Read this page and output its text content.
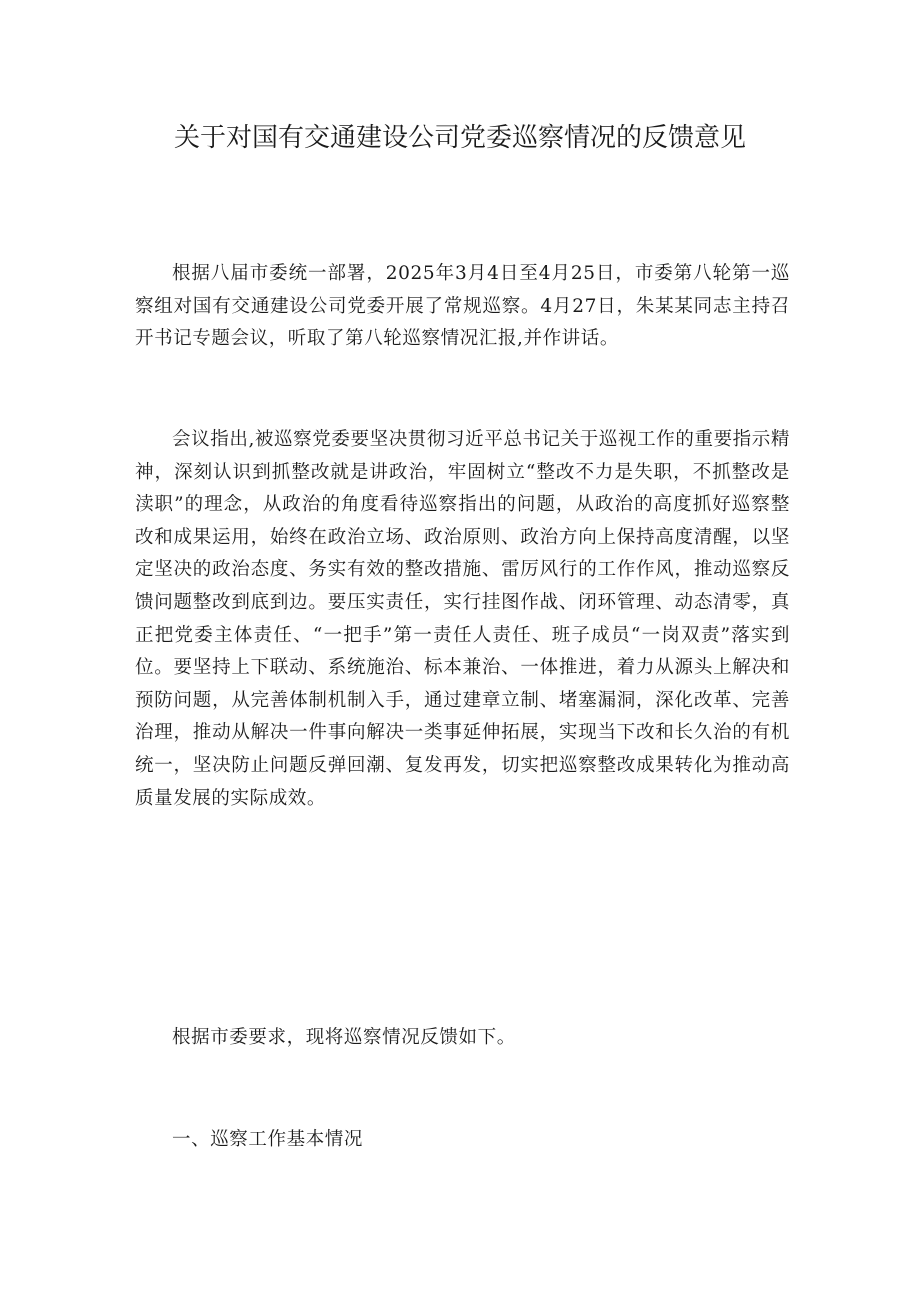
关于对国有交通建设公司党委巡察情况的反馈意见

根据八届市委统一部署，2025年3月4日至4月25日，市委第八轮第一巡察组对国有交通建设公司党委开展了常规巡察。4月27日，朱某某同志主持召开书记专题会议，听取了第八轮巡察情况汇报,并作讲话。

会议指出,被巡察党委要坚决贯彻习近平总书记关于巡视工作的重要指示精神，深刻认识到抓整改就是讲政治，牢固树立“整改不力是失职，不抓整改是渎职”的理念，从政治的角度看待巡察指出的问题，从政治的高度抓好巡察整改和成果运用，始终在政治立场、政治原则、政治方向上保持高度清醒，以坚定坚决的政治态度、务实有效的整改措施、雷厉风行的工作作风，推动巡察反馈问题整改到底到边。要压实责任，实行挂图作战、闭环管理、动态清零，真正把党委主体责任、“一把手”第一责任人责任、班子成员“一岗双责”落实到位。要坚持上下联动、系统施治、标本兼治、一体推进，着力从源头上解决和预防问题，从完善体制机制入手，通过建章立制、堵塞漏洞，深化改革、完善治理，推动从解决一件事向解决一类事延伸拓展，实现当下改和长久治的有机统一，坚决防止问题反弹回潮、复发再发，切实把巡察整改成果转化为推动高质量发展的实际成效。

根据市委要求，现将巡察情况反馈如下。

一、巡察工作基本情况
